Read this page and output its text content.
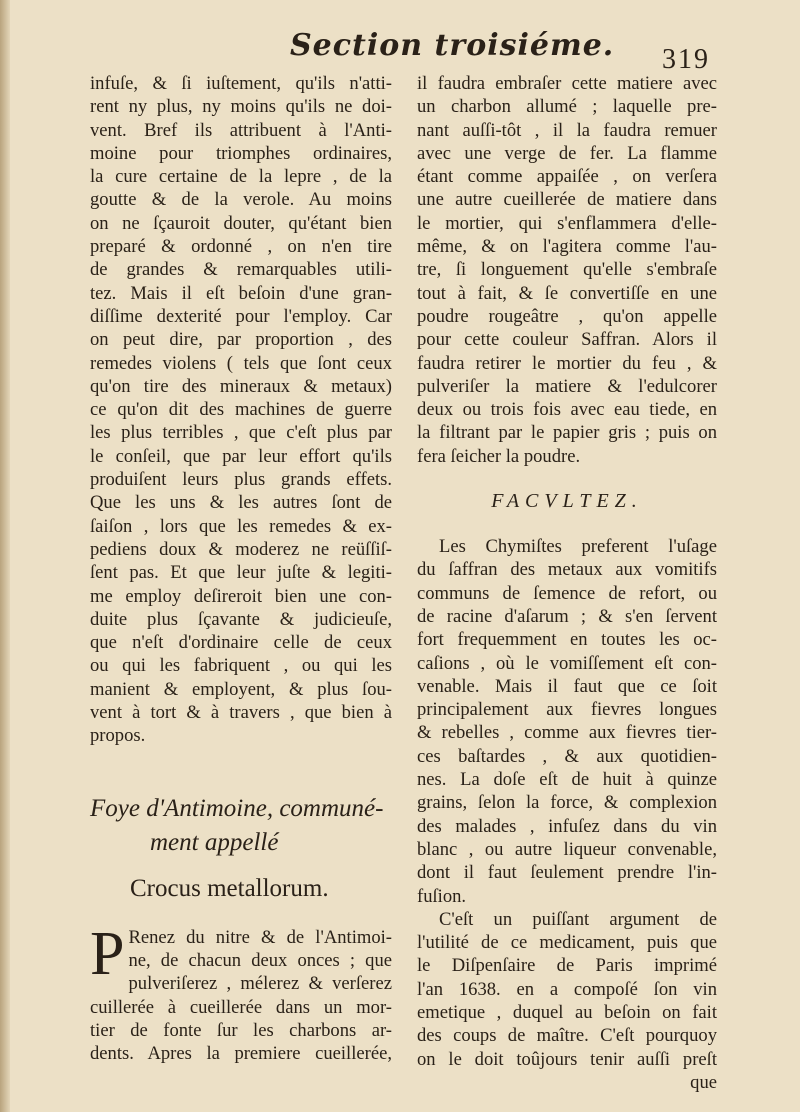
Section troisiéme. 319
infuſe, & ſi iuſtement, qu'ils n'atti-
rent ny plus, ny moins qu'ils ne doi-
vent. Bref ils attribuent à l'Anti-
moine pour triomphes ordinaires,
la cure certaine de la lepre , de la
goutte & de la verole. Au moins
on ne ſçauroit douter, qu'étant bien
preparé & ordonné , on n'en tire
de grandes & remarquables utili-
tez. Mais il eſt beſoin d'une gran-
diſſime dexterité pour l'employ. Car
on peut dire, par proportion , des
remedes violens ( tels que ſont ceux
qu'on tire des mineraux & metaux)
ce qu'on dit des machines de guerre
les plus terribles , que c'eſt plus par
le conſeil, que par leur effort qu'ils
produiſent leurs plus grands effets.
Que les uns & les autres ſont de
ſaiſon , lors que les remedes & ex-
pediens doux & moderez ne reüſſiſ-
ſent pas. Et que leur juſte & legiti-
me employ deſireroit bien une con-
duite plus ſçavante & judicieuſe,
que n'eſt d'ordinaire celle de ceux
ou qui les fabriquent , ou qui les
manient & employent, & plus ſou-
vent à tort & à travers , que bien à
propos.
Foye d'Antimoine, communé-
ment appellé
Crocus metallorum.
P Renez du nitre & de l'Antimoi-
ne, de chacun deux onces ; que
pulveriſerez , mélerez & verſerez
cuillerée à cueillerée dans un mor-
tier de fonte ſur les charbons ar-
dents. Apres la premiere cueillerée,
il faudra embraſer cette matiere avec
un charbon allumé ; laquelle pre-
nant auſſi-tôt , il la faudra remuer
avec une verge de fer. La flamme
étant comme appaiſée , on verſera
une autre cueillerée de matiere dans
le mortier, qui s'enflammera d'elle-
même, & on l'agitera comme l'au-
tre, ſi longuement qu'elle s'embraſe
tout à fait, & ſe convertiſſe en une
poudre rougeâtre , qu'on appelle
pour cette couleur Saffran. Alors il
faudra retirer le mortier du feu , &
pulveriſer la matiere & l'edulcorer
deux ou trois fois avec eau tiede, en
la filtrant par le papier gris ; puis on
fera ſeicher la poudre.
FACVLTEZ.
Les Chymiſtes preferent l'uſage
du ſaffran des metaux aux vomitifs
communs de ſemence de refort, ou
de racine d'aſarum ; & s'en ſervent
fort frequemment en toutes les oc-
caſions , où le vomiſſement eſt con-
venable. Mais il faut que ce ſoit
principalement aux fievres longues
& rebelles , comme aux fievres tier-
ces baſtardes , & aux quotidien-
nes. La doſe eſt de huit à quinze
grains, ſelon la force, & complexion
des malades , infuſez dans du vin
blanc , ou autre liqueur convenable,
dont il faut ſeulement prendre l'in-
fuſion.
C'eſt un puiſſant argument de
l'utilité de ce medicament, puis que
le Diſpenſaire de Paris imprimé
l'an 1638. en a compoſé ſon vin
emetique , duquel au beſoin on fait
des coups de maître. C'eſt pourquoy
on le doit toûjours tenir auſſi preſt
que
